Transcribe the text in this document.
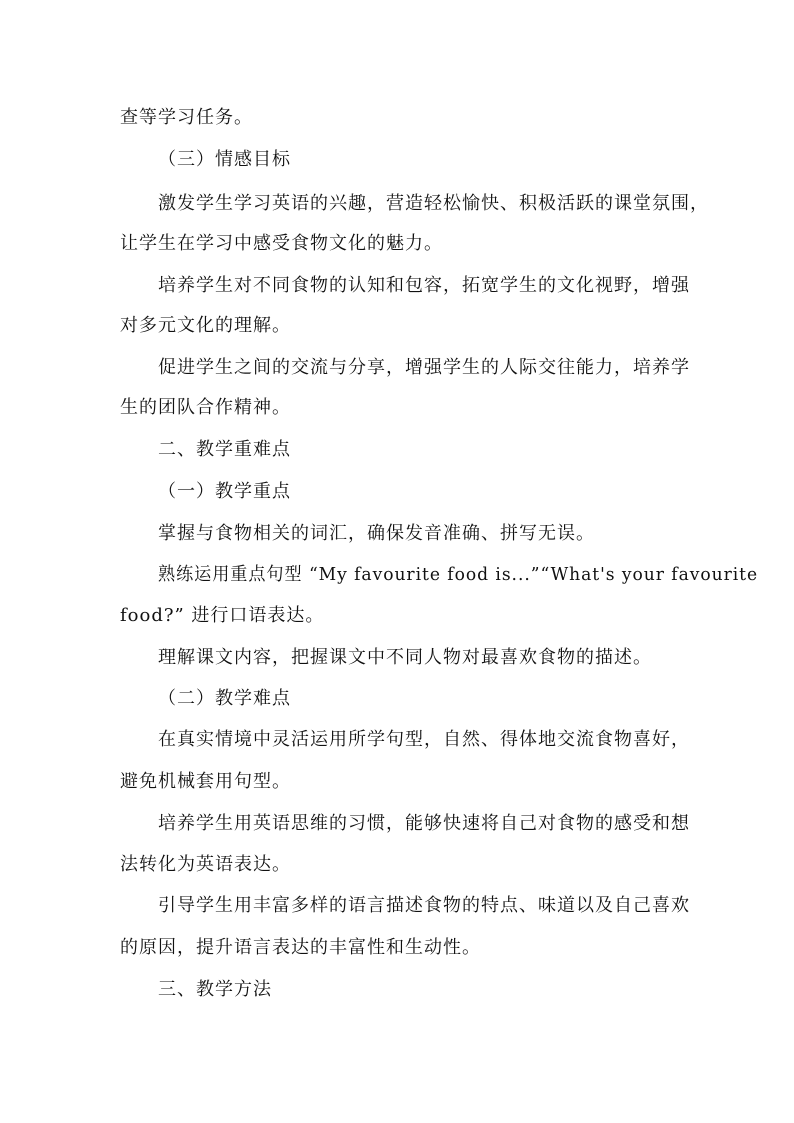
查等学习任务。
（三）情感目标
激发学生学习英语的兴趣，营造轻松愉快、积极活跃的课堂氛围，
让学生在学习中感受食物文化的魅力。
培养学生对不同食物的认知和包容，拓宽学生的文化视野，增强
对多元文化的理解。
促进学生之间的交流与分享，增强学生的人际交往能力，培养学
生的团队合作精神。
二、教学重难点
（一）教学重点
掌握与食物相关的词汇，确保发音准确、拼写无误。
熟练运用重点句型 “My favourite food is...”“What's your favourite
food?” 进行口语表达。
理解课文内容，把握课文中不同人物对最喜欢食物的描述。
（二）教学难点
在真实情境中灵活运用所学句型，自然、得体地交流食物喜好，
避免机械套用句型。
培养学生用英语思维的习惯，能够快速将自己对食物的感受和想
法转化为英语表达。
引导学生用丰富多样的语言描述食物的特点、味道以及自己喜欢
的原因，提升语言表达的丰富性和生动性。
三、教学方法
